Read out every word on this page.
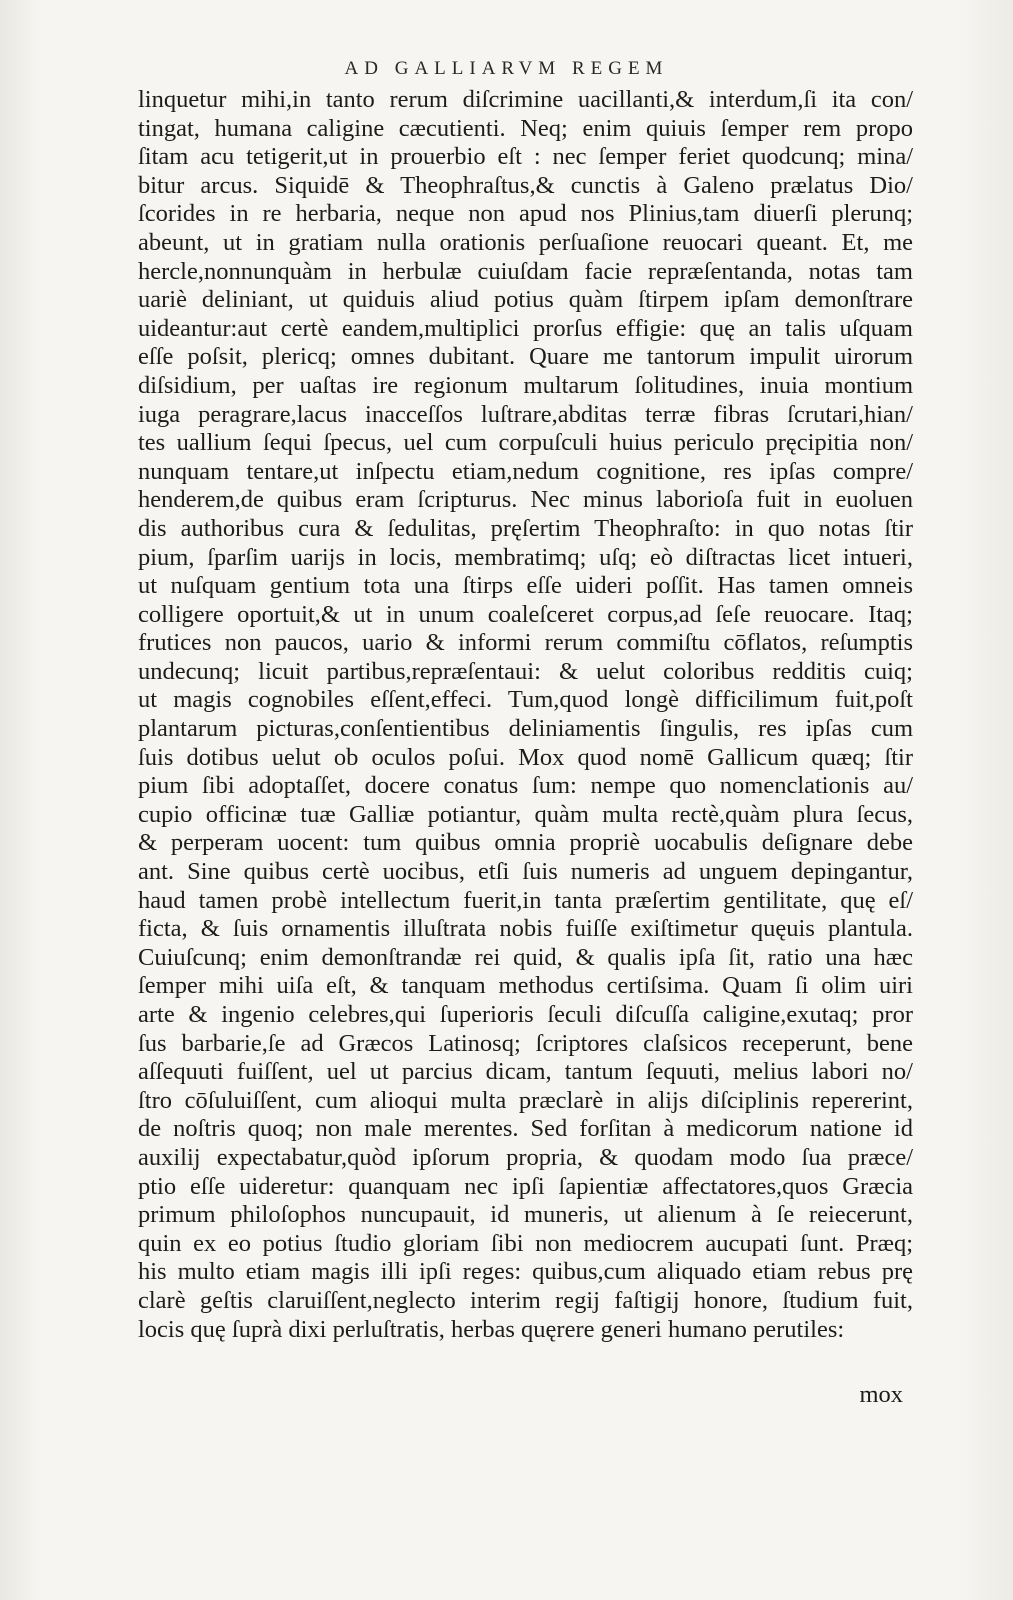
AD GALLIARVM REGEM
linquetur mihi,in tanto rerum diſcrimine uacillanti,& interdum,ſi ita con/
tingat, humana caligine cæcutienti. Neq; enim quiuis ſemper rem propo
ſitam acu tetigerit,ut in prouerbio eſt : nec ſemper feriet quodcunq; mina/
bitur arcus. Siquidē & Theophraſtus,& cunctis à Galeno prælatus Dio/
ſcorides in re herbaria, neque non apud nos Plinius,tam diuerſi plerunq;
abeunt, ut in gratiam nulla orationis perſuaſione reuocari queant. Et, me
hercle,nonnunquàm in herbulæ cuiuſdam facie repræſentanda, notas tam
uariè deliniant, ut quiduis aliud potius quàm ſtirpem ipſam demonſtrare
uideantur:aut certè eandem,multiplici prorſus effigie: quę an talis uſquam
eſſe poſsit, plericq; omnes dubitant. Quare me tantorum impulit uirorum
diſsidium, per uaſtas ire regionum multarum ſolitudines, inuia montium
iuga peragrare,lacus inacceſſos luſtrare,abditas terræ fibras ſcrutari,hian/
tes uallium ſequi ſpecus, uel cum corpuſculi huius periculo pręcipitia non/
nunquam tentare,ut inſpectu etiam,nedum cognitione, res ipſas compre/
henderem,de quibus eram ſcripturus. Nec minus laborioſa fuit in euoluen
dis authoribus cura & ſedulitas, pręſertim Theophraſto: in quo notas ſtir
pium, ſparſim uarijs in locis, membratimq; uſq; eò diſtractas licet intueri,
ut nuſquam gentium tota una ſtirps eſſe uideri poſſit. Has tamen omneis
colligere oportuit,& ut in unum coaleſceret corpus,ad ſeſe reuocare. Itaq;
frutices non paucos, uario & informi rerum commiſtu cōflatos, reſumptis
undecunq; licuit partibus,repræſentaui: & uelut coloribus redditis cuiq;
ut magis cognobiles eſſent,effeci. Tum,quod longè difficilimum fuit,poſt
plantarum picturas,conſentientibus deliniamentis ſingulis, res ipſas cum
ſuis dotibus uelut ob oculos poſui. Mox quod nomē Gallicum quæq; ſtir
pium ſibi adoptaſſet, docere conatus ſum: nempe quo nomenclationis au/
cupio officinæ tuæ Galliæ potiantur, quàm multa rectè,quàm plura ſecus,
& perperam uocent: tum quibus omnia propriè uocabulis deſignare debe
ant. Sine quibus certè uocibus, etſi ſuis numeris ad unguem depingantur,
haud tamen probè intellectum fuerit,in tanta præſertim gentilitate, quę eſ/
ficta, & ſuis ornamentis illuſtrata nobis fuiſſe exiſtimetur quęuis plantula.
Cuiuſcunq; enim demonſtrandæ rei quid, & qualis ipſa ſit, ratio una hæc
ſemper mihi uiſa eſt, & tanquam methodus certiſsima. Quam ſi olim uiri
arte & ingenio celebres,qui ſuperioris ſeculi diſcuſſa caligine,exutaq; pror
ſus barbarie,ſe ad Græcos Latinosq; ſcriptores claſsicos receperunt, bene
aſſequuti fuiſſent, uel ut parcius dicam, tantum ſequuti, melius labori no/
ſtro cōſuluiſſent, cum alioqui multa præclarè in alijs diſciplinis repererint,
de noſtris quoq; non male merentes. Sed forſitan à medicorum natione id
auxilij expectabatur,quòd ipſorum propria, & quodam modo ſua præce/
ptio eſſe uideretur: quanquam nec ipſi ſapientiæ affectatores,quos Græcia
primum philoſophos nuncupauit, id muneris, ut alienum à ſe reiecerunt,
quin ex eo potius ſtudio gloriam ſibi non mediocrem aucupati ſunt. Præq;
his multo etiam magis illi ipſi reges: quibus,cum aliquado etiam rebus prę
clarè geſtis claruiſſent,neglecto interim regij faſtigij honore, ſtudium fuit,
locis quę ſuprà dixi perluſtratis, herbas quęrere generi humano perutiles:
mox
